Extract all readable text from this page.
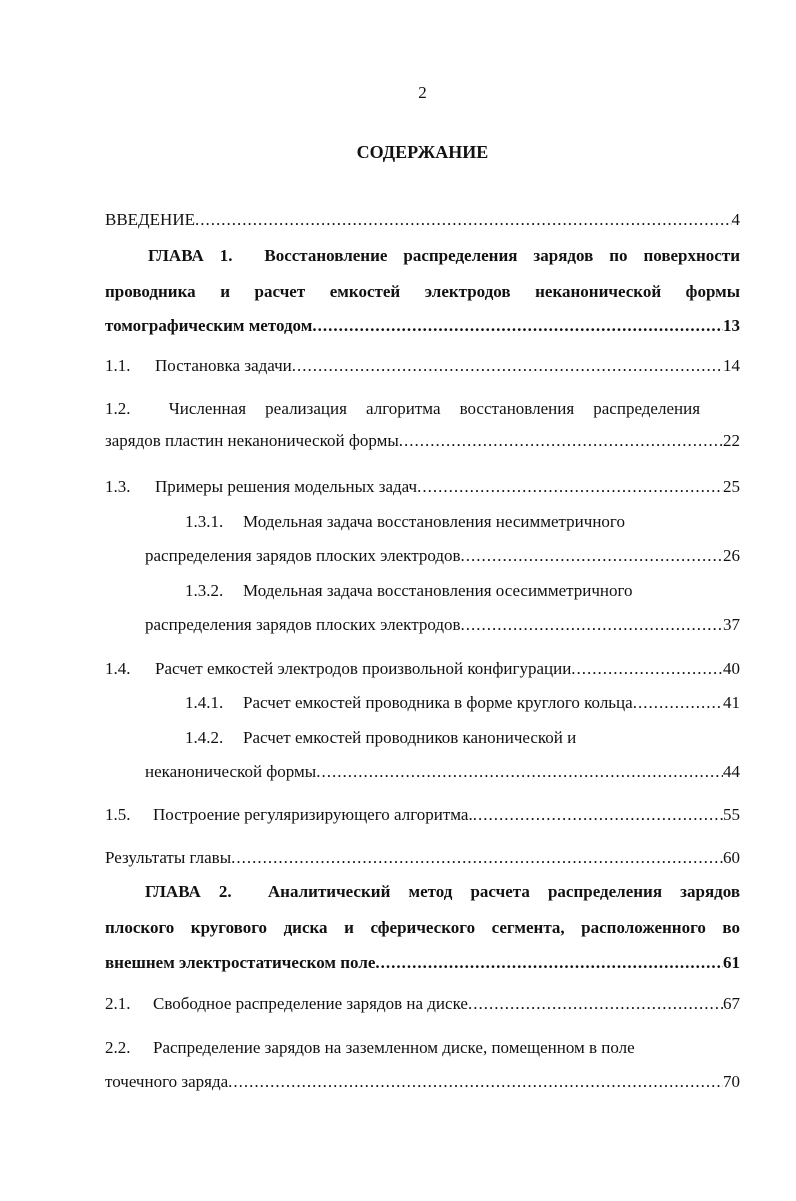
2
СОДЕРЖАНИЕ
ВВЕДЕНИЕ .....	4
ГЛАВА 1. Восстановление распределения зарядов по поверхности
проводника и расчет емкостей электродов неканонической формы
томографическим методом .....	13
1.1. Постановка задачи .....	14
1.2. Численная реализация алгоритма восстановления распределения
зарядов пластин неканонической формы .....	22
1.3. Примеры решения модельных задач .....	25
1.3.1. Модельная задача восстановления несимметричного
распределения зарядов плоских электродов .....	26
1.3.2. Модельная задача восстановления осесимметричного
распределения зарядов плоских электродов .....	37
1.4. Расчет емкостей электродов произвольной конфигурации .....	40
1.4.1. Расчет емкостей проводника в форме круглого кольца .....	41
1.4.2. Расчет емкостей проводников канонической и
неканонической формы .....	44
1.5. Построение регуляризирующего алгоритма. .....	55
Результаты главы .....	60
ГЛАВА 2. Аналитический метод расчета распределения зарядов
плоского кругового диска и сферического сегмента, расположенного во
внешнем электростатическом поле .....	61
2.1. Свободное распределение зарядов на диске .....	67
2.2. Распределение зарядов на заземленном диске, помещенном в поле
точечного заряда .....	70
